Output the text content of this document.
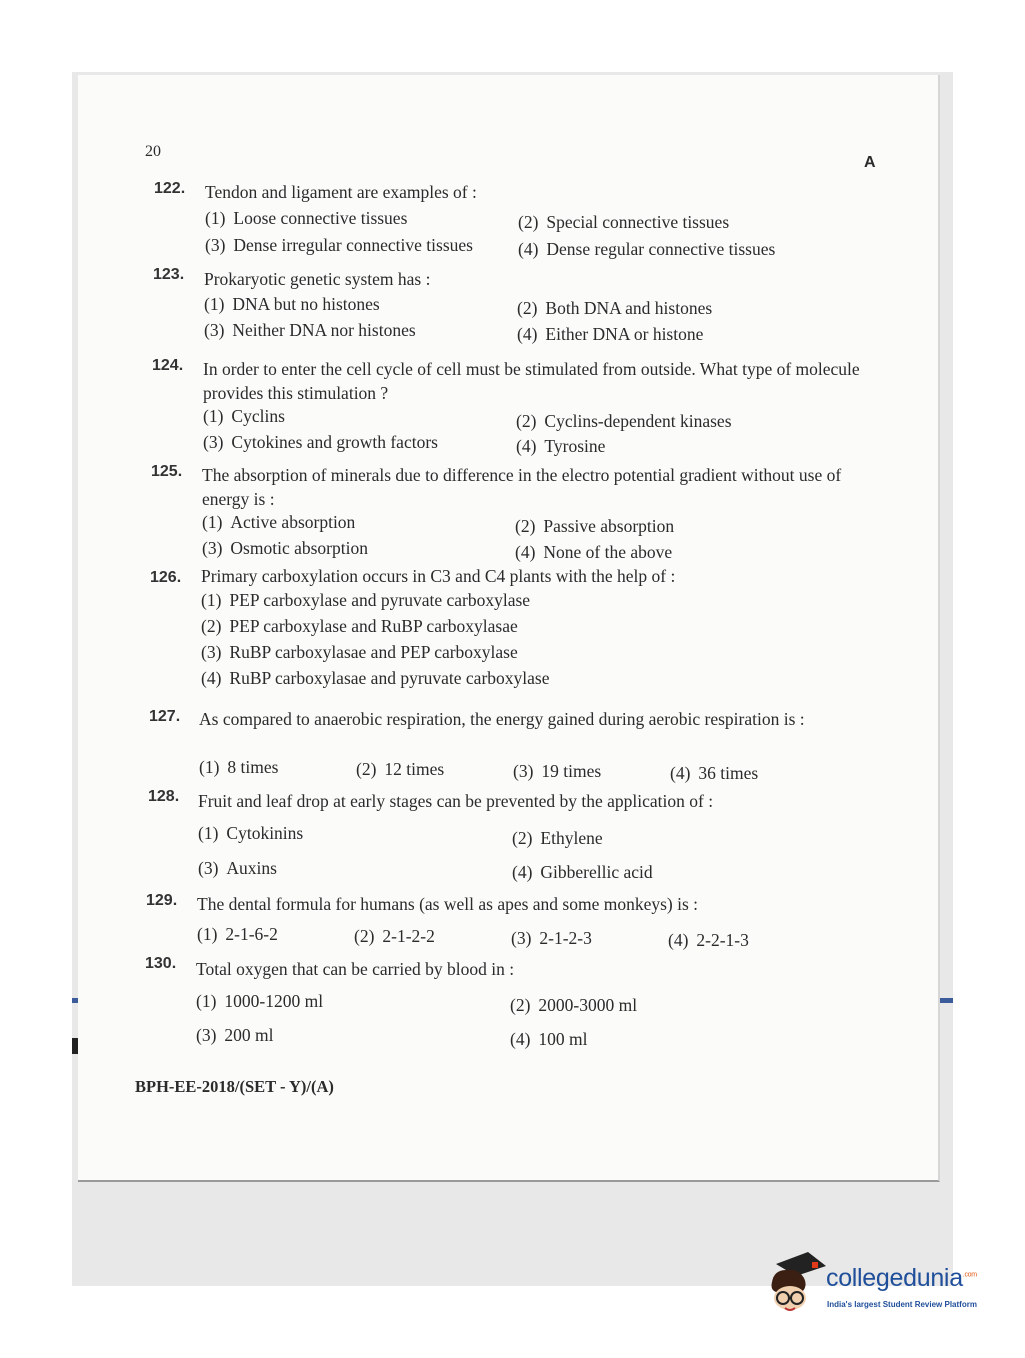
20
A
122. Tendon and ligament are examples of :
(1) Loose connective tissues	(2) Special connective tissues
(3) Dense irregular connective tissues	(4) Dense regular connective tissues
123. Prokaryotic genetic system has :
(1) DNA but no histones	(2) Both DNA and histones
(3) Neither DNA nor histones	(4) Either DNA or histone
124. In order to enter the cell cycle of cell must be stimulated from outside. What type of molecule provides this stimulation ?
(1) Cyclins	(2) Cyclins-dependent kinases
(3) Cytokines and growth factors	(4) Tyrosine
125. The absorption of minerals due to difference in the electro potential gradient without use of energy is :
(1) Active absorption	(2) Passive absorption
(3) Osmotic absorption	(4) None of the above
126. Primary carboxylation occurs in C3 and C4 plants with the help of :
(1) PEP carboxylase and pyruvate carboxylase
(2) PEP carboxylase and RuBP carboxylasae
(3) RuBP carboxylasae and PEP carboxylase
(4) RuBP carboxylasae and pyruvate carboxylase
127. As compared to anaerobic respiration, the energy gained during aerobic respiration is :
(1) 8 times	(2) 12 times	(3) 19 times	(4) 36 times
128. Fruit and leaf drop at early stages can be prevented by the application of :
(1) Cytokinins	(2) Ethylene
(3) Auxins	(4) Gibberellic acid
129. The dental formula for humans (as well as apes and some monkeys) is :
(1) 2-1-6-2	(2) 2-1-2-2	(3) 2-1-2-3	(4) 2-2-1-3
130. Total oxygen that can be carried by blood in :
(1) 1000-1200 ml	(2) 2000-3000 ml
(3) 200 ml	(4) 100 ml
BPH-EE-2018/(SET - Y)/(A)
collegedunia$^{.com}$
India's largest Student Review Platform
